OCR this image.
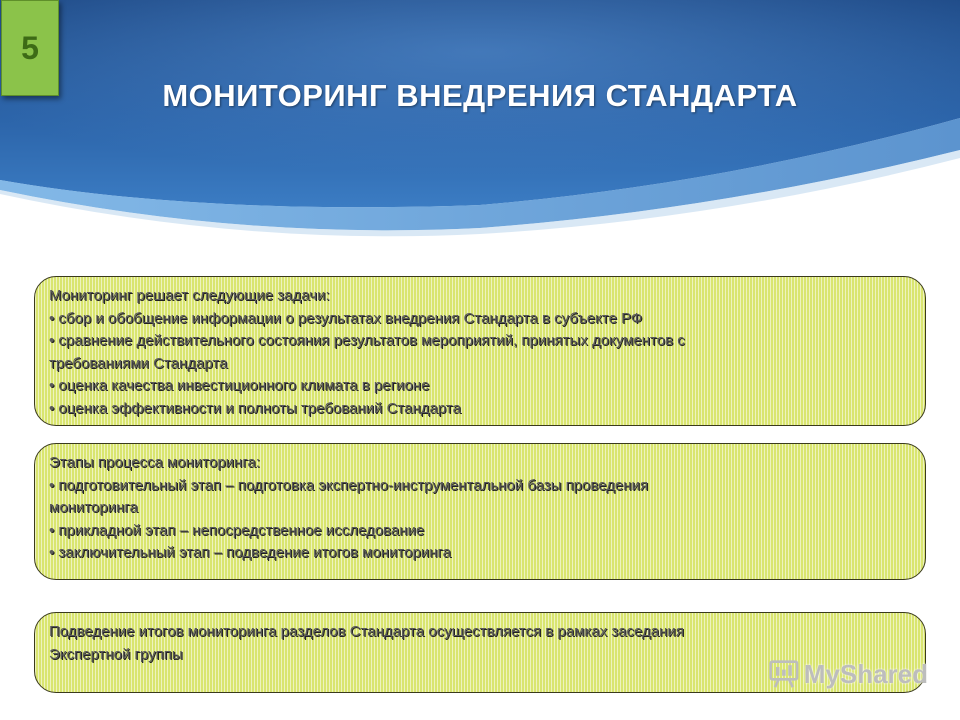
5
МОНИТОРИНГ ВНЕДРЕНИЯ СТАНДАРТА

Мониторинг решает следующие задачи:

• сбор и обобщение информации о результатах внедрения Стандарта в субъекте РФ

• сравнение действительного состояния результатов мероприятий, принятых документов с

требованиями Стандарта

• оценка качества инвестиционного климата в регионе

• оценка эффективности и полноты требований Стандарта

Этапы процесса мониторинга:

• подготовительный этап – подготовка экспертно-инструментальной базы проведения

мониторинга

• прикладной этап – непосредственное исследование

• заключительный этап – подведение итогов мониторинга

Подведение итогов мониторинга разделов Стандарта осуществляется в рамках заседания

Экспертной группы

MyShared
